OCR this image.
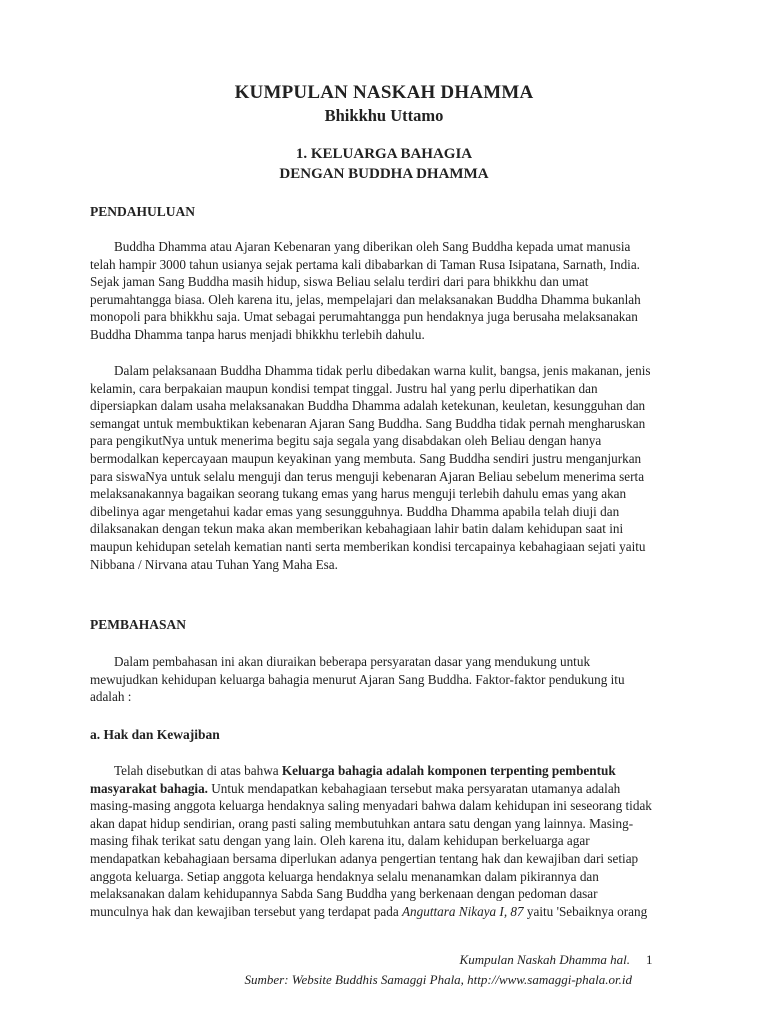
KUMPULAN NASKAH DHAMMA
Bhikkhu Uttamo
1. KELUARGA BAHAGIA
DENGAN BUDDHA DHAMMA
PENDAHULUAN
Buddha Dhamma atau Ajaran Kebenaran yang diberikan oleh Sang Buddha kepada umat manusia
telah hampir 3000 tahun usianya sejak pertama kali dibabarkan di Taman Rusa Isipatana, Sarnath, India.
Sejak jaman Sang Buddha masih hidup, siswa Beliau selalu terdiri dari para bhikkhu dan umat
perumahtangga biasa. Oleh karena itu, jelas, mempelajari dan melaksanakan Buddha Dhamma bukanlah
monopoli para bhikkhu saja. Umat sebagai perumahtangga pun hendaknya juga berusaha melaksanakan
Buddha Dhamma tanpa harus menjadi bhikkhu terlebih dahulu.
Dalam pelaksanaan Buddha Dhamma tidak perlu dibedakan warna kulit, bangsa, jenis makanan, jenis
kelamin, cara berpakaian maupun kondisi tempat tinggal. Justru hal yang perlu diperhatikan dan
dipersiapkan dalam usaha melaksanakan Buddha Dhamma adalah ketekunan, keuletan, kesungguhan dan
semangat untuk membuktikan kebenaran Ajaran Sang Buddha. Sang Buddha tidak pernah mengharuskan
para pengikutNya untuk menerima begitu saja segala yang disabdakan oleh Beliau dengan hanya
bermodalkan kepercayaan maupun keyakinan yang membuta. Sang Buddha sendiri justru menganjurkan
para siswaNya untuk selalu menguji dan terus menguji kebenaran Ajaran Beliau sebelum menerima serta
melaksanakannya bagaikan seorang tukang emas yang harus menguji terlebih dahulu emas yang akan
dibelinya agar mengetahui kadar emas yang sesungguhnya. Buddha Dhamma apabila telah diuji dan
dilaksanakan dengan tekun maka akan memberikan kebahagiaan lahir batin dalam kehidupan saat ini
maupun kehidupan setelah kematian nanti serta memberikan kondisi tercapainya kebahagiaan sejati yaitu
Nibbana / Nirvana atau Tuhan Yang Maha Esa.
PEMBAHASAN
Dalam pembahasan ini akan diuraikan beberapa persyaratan dasar yang mendukung untuk
mewujudkan kehidupan keluarga bahagia menurut Ajaran Sang Buddha. Faktor-faktor pendukung itu
adalah :
a. Hak dan Kewajiban
Telah disebutkan di atas bahwa Keluarga bahagia adalah komponen terpenting pembentuk
masyarakat bahagia. Untuk mendapatkan kebahagiaan tersebut maka persyaratan utamanya adalah
masing-masing anggota keluarga hendaknya saling menyadari bahwa dalam kehidupan ini seseorang tidak
akan dapat hidup sendirian, orang pasti saling membutuhkan antara satu dengan yang lainnya. Masing-
masing fihak terikat satu dengan yang lain. Oleh karena itu, dalam kehidupan berkeluarga agar
mendapatkan kebahagiaan bersama diperlukan adanya pengertian tentang hak dan kewajiban dari setiap
anggota keluarga. Setiap anggota keluarga hendaknya selalu menanamkan dalam pikirannya dan
melaksanakan dalam kehidupannya Sabda Sang Buddha yang berkenaan dengan pedoman dasar
munculnya hak dan kewajiban tersebut yang terdapat pada Anguttara Nikaya I, 87 yaitu 'Sebaiknya orang
Kumpulan Naskah Dhamma hal. 1
Sumber: Website Buddhis Samaggi Phala, http://www.samaggi-phala.or.id
